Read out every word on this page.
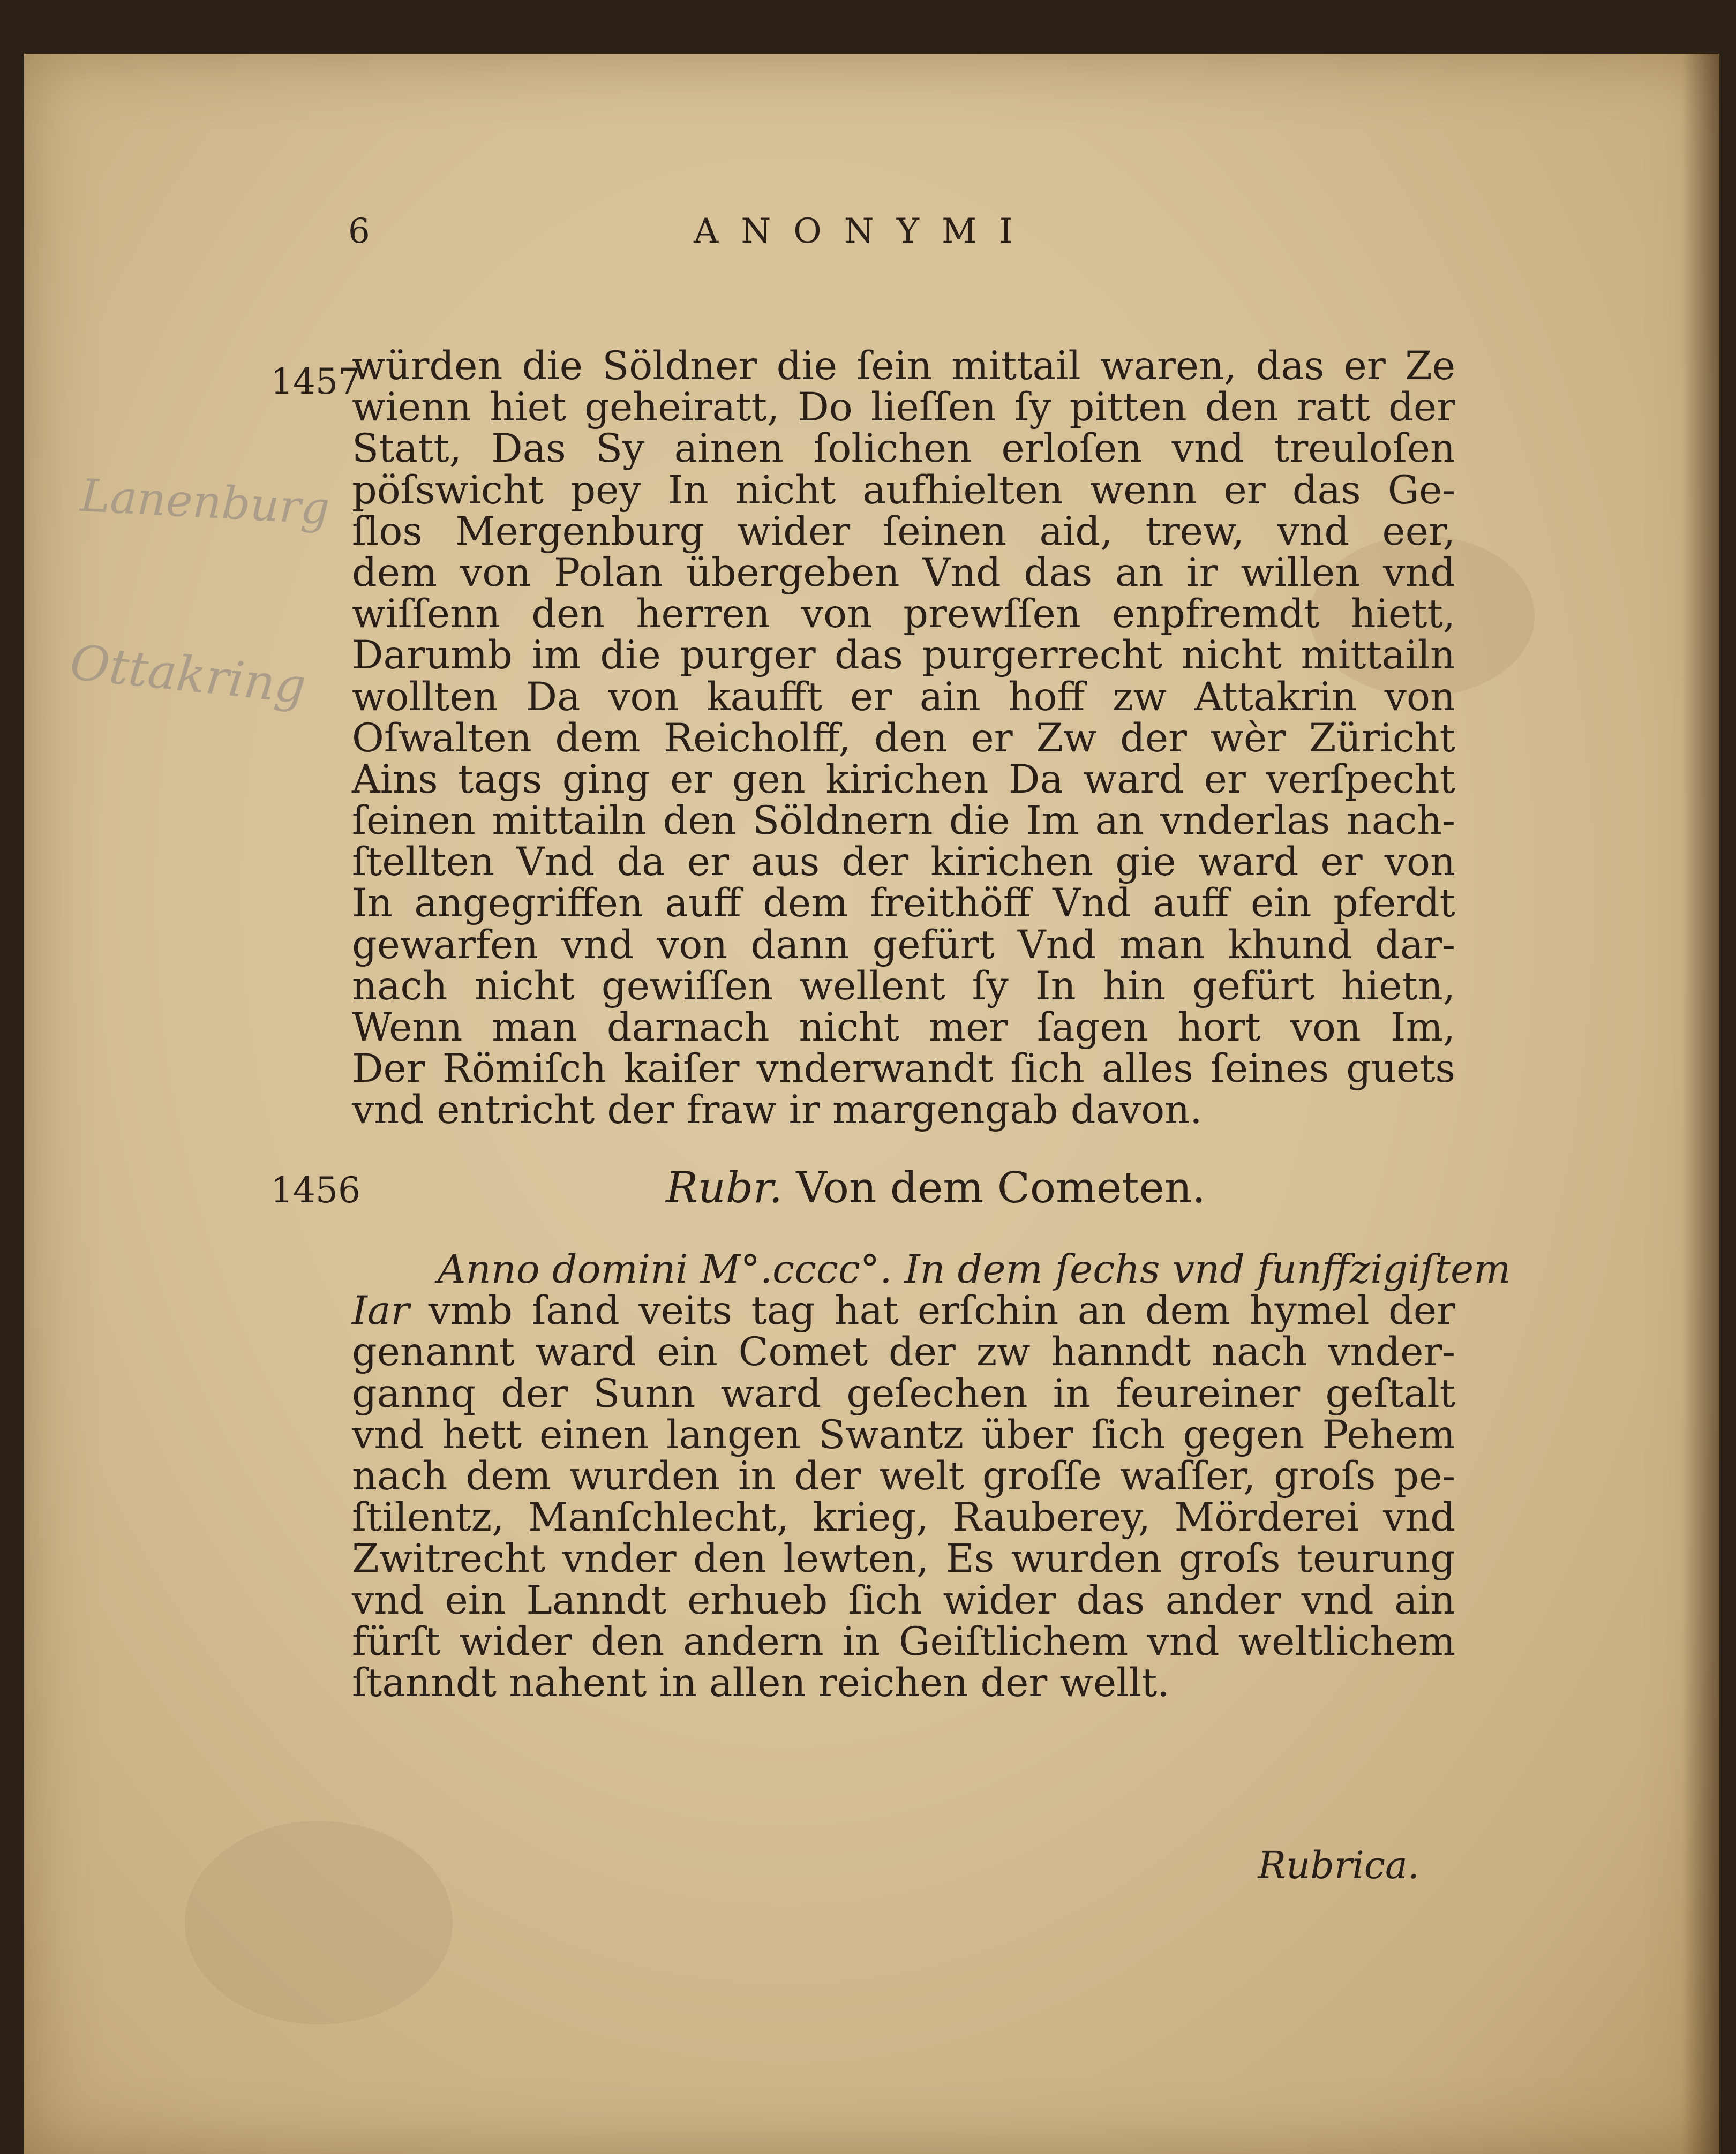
6	ANONYMI
Lanenburg
Ottakring
1457
würden die Söldner die ſein mittail waren, das er Ze
wienn hiet geheiratt, Do lieſſen ſy pitten den ratt der
Statt, Das Sy ainen ſolichen erloſen vnd treuloſen
pöſswicht pey In nicht aufhielten wenn er das Ge-
ſlos Mergenburg wider ſeinen aid, trew, vnd eer,
dem von Polan übergeben Vnd das an ir willen vnd
wiſſenn den herren von prewſſen enpfremdt hiett,
Darumb im die purger das purgerrecht nicht mittailn
wollten Da von kaufft er ain hoff zw Attakrin von
Oſwalten dem Reicholff, den er Zw der wèr Züricht
Ains tags ging er gen kirichen Da ward er verſpecht
ſeinen mittailn den Söldnern die Im an vnderlas nach-
ſtellten Vnd da er aus der kirichen gie ward er von
In angegriffen auff dem freithöff Vnd auff ein pferdt
gewarfen vnd von dann gefürt Vnd man khund dar-
nach nicht gewiſſen wellent ſy In hin gefürt hietn,
Wenn man darnach nicht mer ſagen hort von Im,
Der Römiſch kaiſer vnderwandt ſich alles ſeines guets
vnd entricht der fraw ir margengab davon.
1456	Rubr. Von dem Cometen.
Anno domini M°.cccc°. In dem ſechs vnd funffzigiſtem
Iar vmb ſand veits tag hat erſchin an dem hymel der
genannt ward ein Comet der zw hanndt nach vnder-
gannq der Sunn ward geſechen in feureiner geſtalt
vnd hett einen langen Swantz über ſich gegen Pehem
nach dem wurden in der welt groſſe waſſer, groſs pe-
ſtilentz, Manſchlecht, krieg, Rauberey, Mörderei vnd
Zwitrecht vnder den lewten, Es wurden groſs teurung
vnd ein Lanndt erhueb ſich wider das ander vnd ain
fürſt wider den andern in Geiſtlichem vnd weltlichem
ſtanndt nahent in allen reichen der wellt.
Rubrica.
